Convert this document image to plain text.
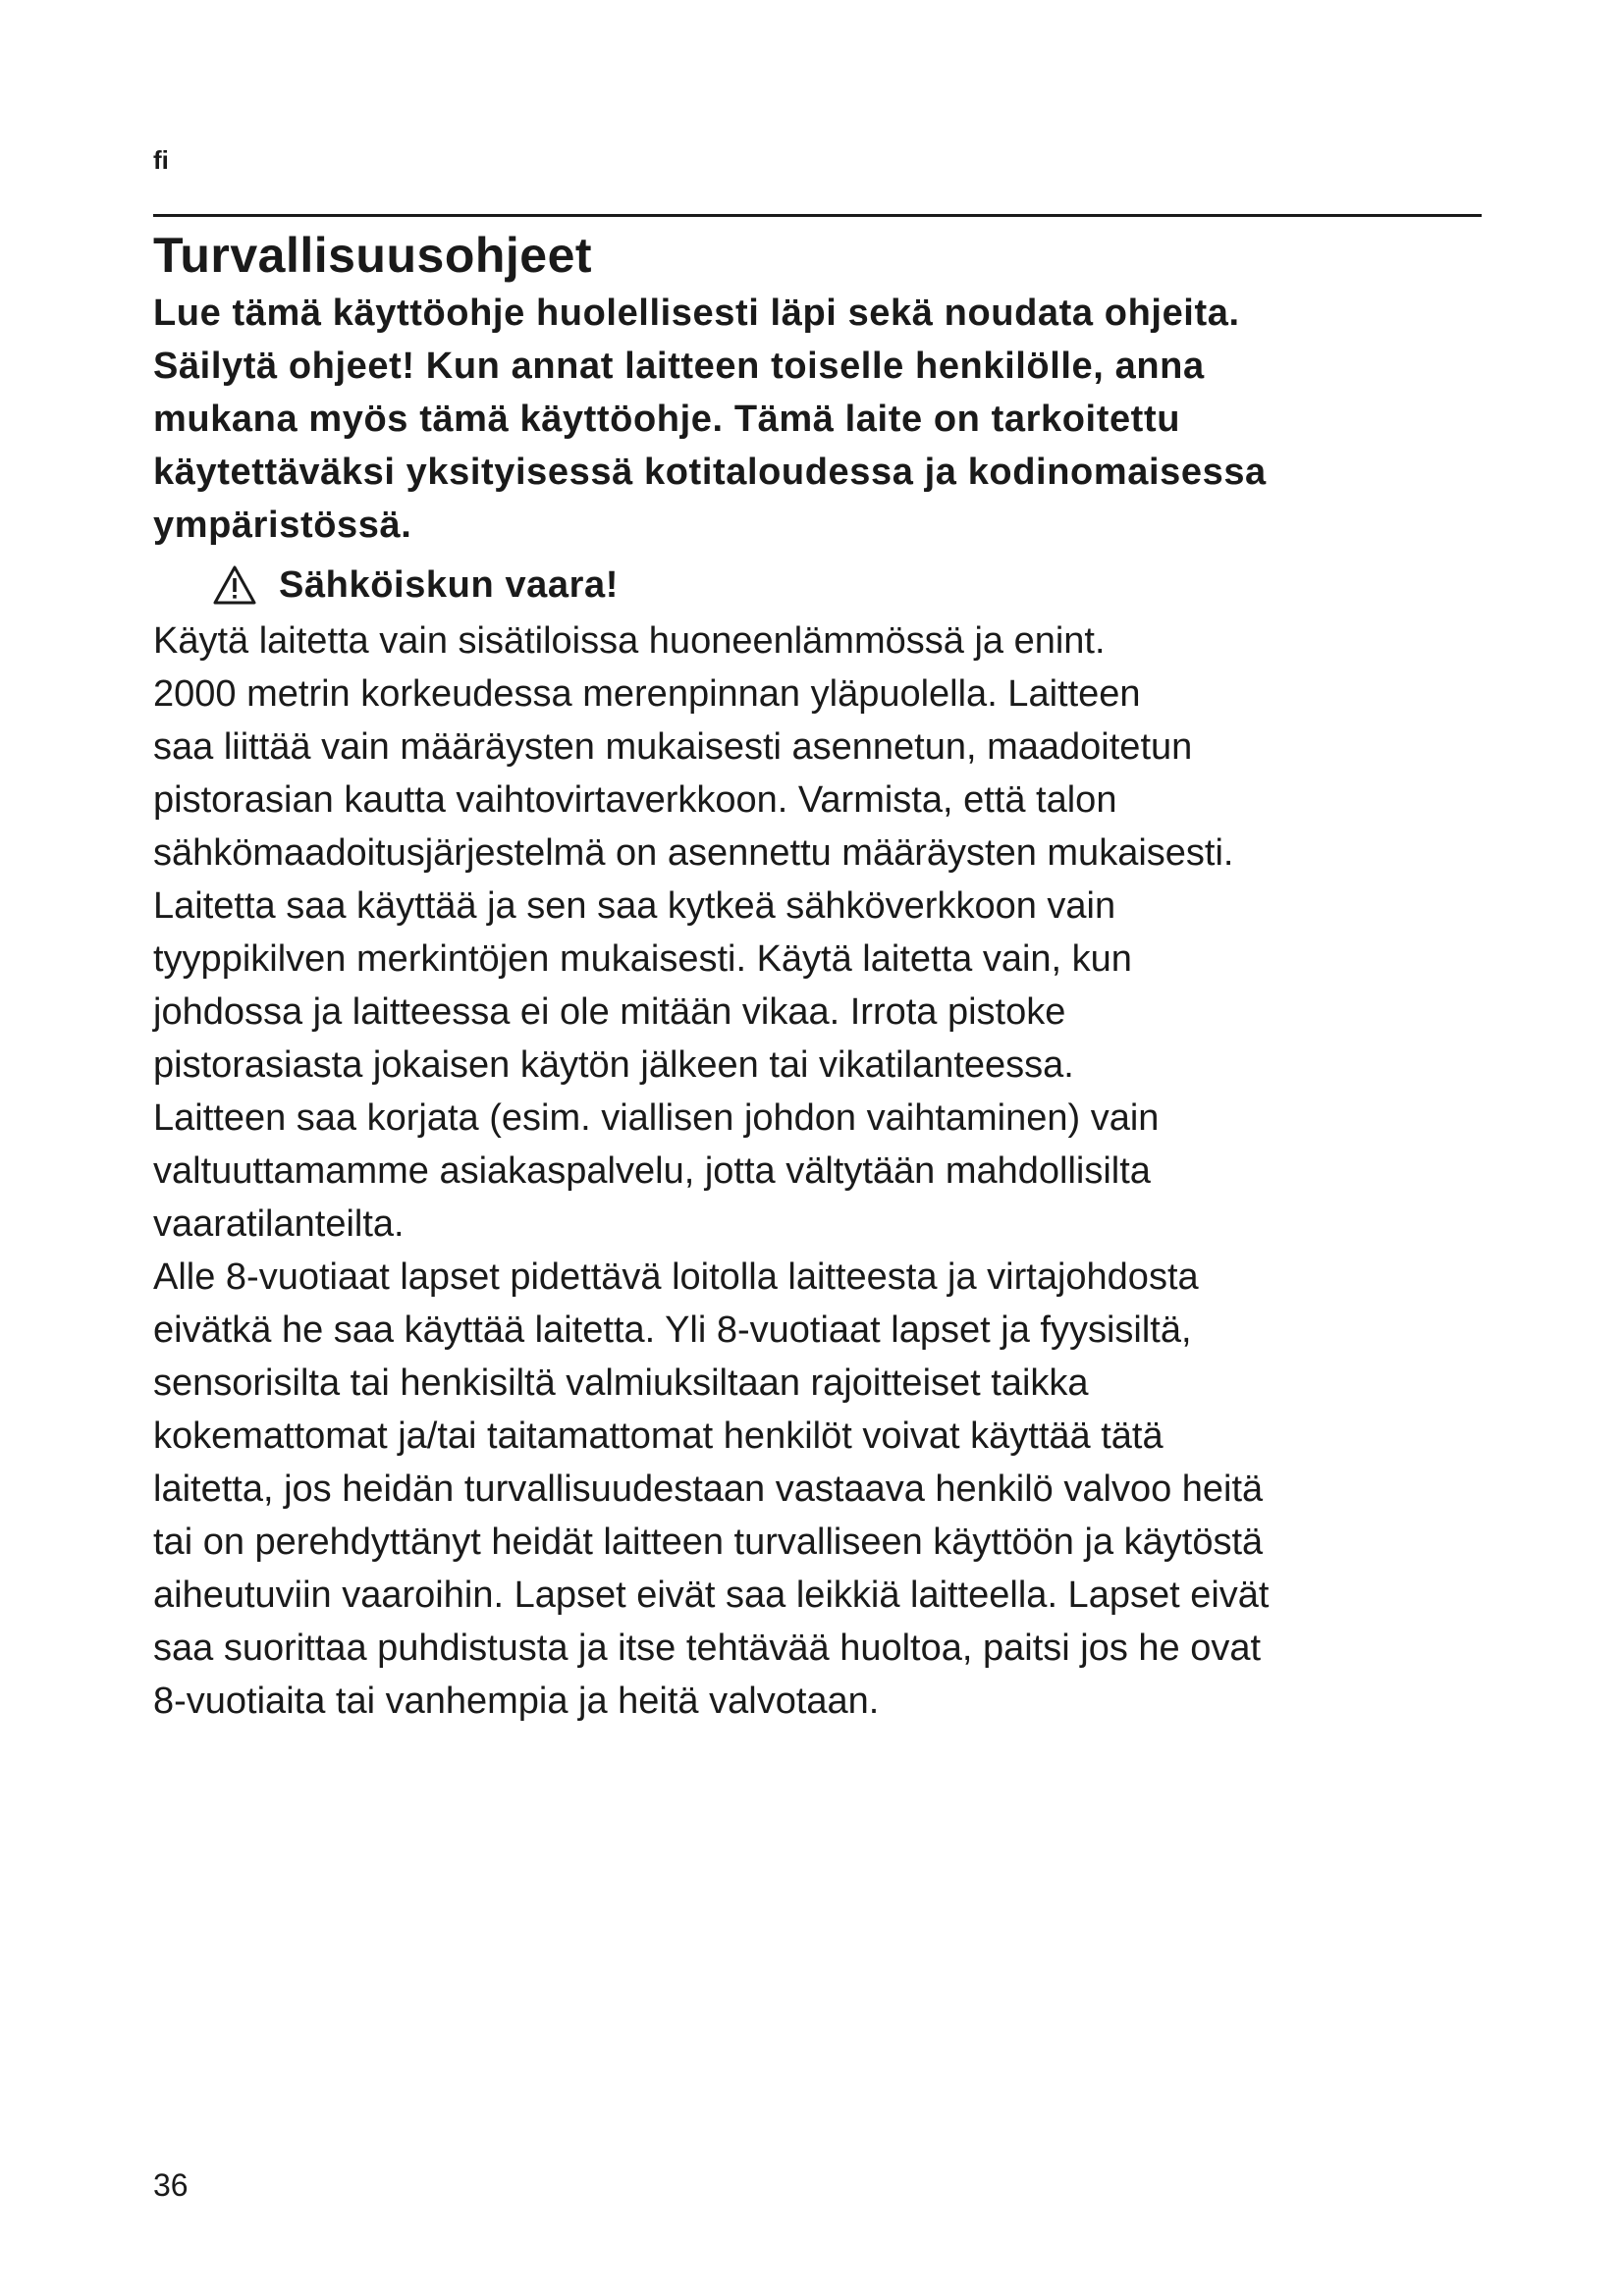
fi
Turvallisuusohjeet

Lue tämä käyttöohje huolellisesti läpi sekä noudata ohjeita.

Säilytä ohjeet! Kun annat laitteen toiselle henkilölle, anna

mukana myös tämä käyttöohje. Tämä laite on tarkoitettu

käytettäväksi yksityisessä kotitaloudessa ja kodinomaisessa

ympäristössä.

Sähköiskun vaara!

Käytä laitetta vain sisätiloissa huoneenlämmössä ja enint.

2000 metrin korkeudessa merenpinnan yläpuolella. Laitteen

saa liittää vain määräysten mukaisesti asennetun, maadoitetun

pistorasian kautta vaihtovirtaverkkoon. Varmista, että talon

sähkömaadoitusjärjestelmä on asennettu määräysten mukaisesti.

Laitetta saa käyttää ja sen saa kytkeä sähköverkkoon vain

tyyppikilven merkintöjen mukaisesti. Käytä laitetta vain, kun

johdossa ja laitteessa ei ole mitään vikaa. Irrota pistoke

pistorasiasta jokaisen käytön jälkeen tai vikatilanteessa.

Laitteen saa korjata (esim. viallisen johdon vaihtaminen) vain

valtuuttamamme asiakaspalvelu, jotta vältytään mahdollisilta

vaaratilanteilta.

Alle 8-vuotiaat lapset pidettävä loitolla laitteesta ja virtajohdosta

eivätkä he saa käyttää laitetta. Yli 8-vuotiaat lapset ja fyysisiltä,

sensorisilta tai henkisiltä valmiuksiltaan rajoitteiset taikka

kokemattomat ja/tai taitamattomat henkilöt voivat käyttää tätä

laitetta, jos heidän turvallisuudestaan vastaava henkilö valvoo heitä

tai on perehdyttänyt heidät laitteen turvalliseen käyttöön ja käytöstä

aiheutuviin vaaroihin. Lapset eivät saa leikkiä laitteella. Lapset eivät

saa suorittaa puhdistusta ja itse tehtävää huoltoa, paitsi jos he ovat

8-vuotiaita tai vanhempia ja heitä valvotaan.

36
